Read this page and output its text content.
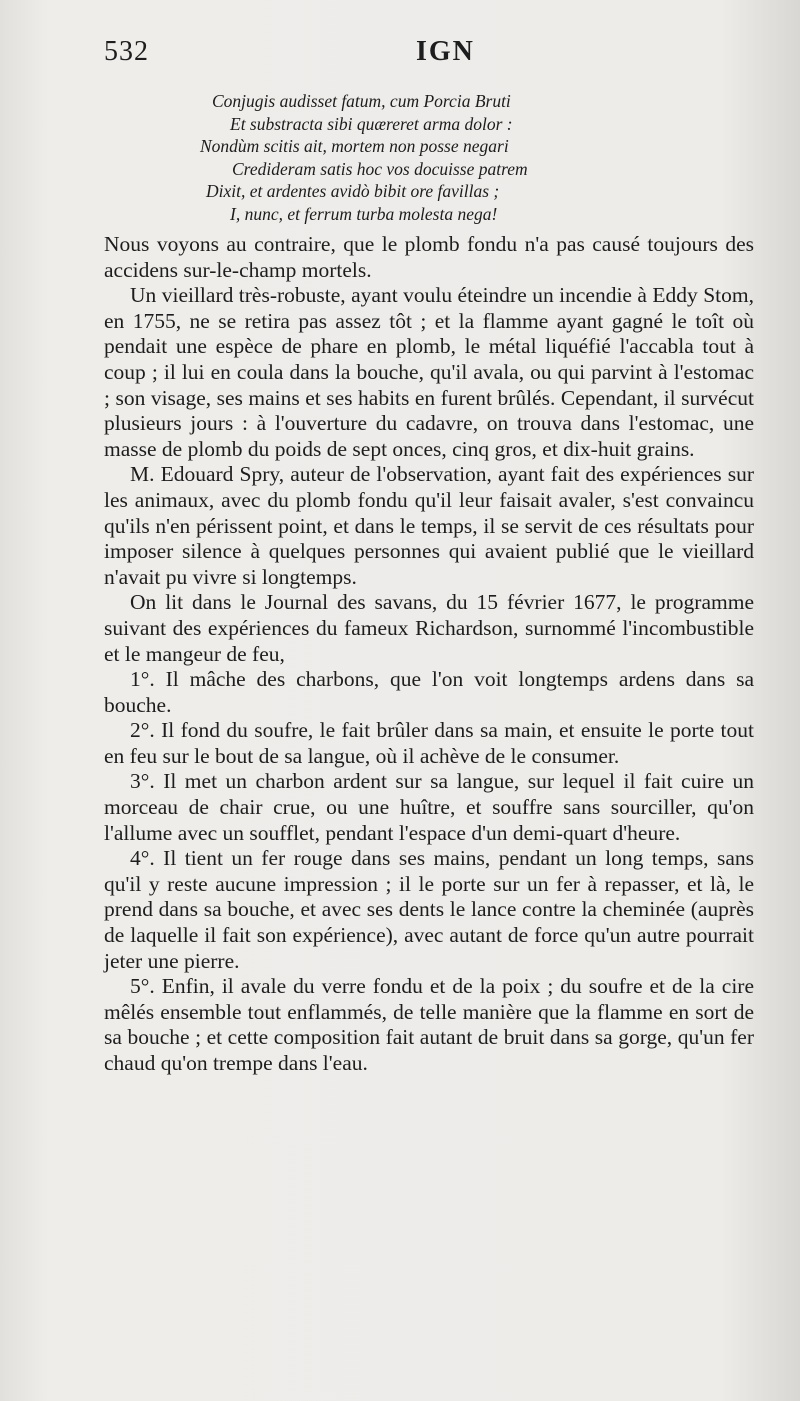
532	IGN
Conjugis audisset fatum, cum Porcia Bruti
Et substracta sibi quæreret arma dolor :
Nondùm scitis ait, mortem non posse negari
Credideram satis hoc vos docuisse patrem
Dixit, et ardentes avidò bibit ore favillas ;
I, nunc, et ferrum turba molesta nega!

Nous voyons au contraire, que le plomb fondu n'a pas causé toujours des accidens sur-le-champ mortels.

Un vieillard très-robuste, ayant voulu éteindre un incendie à Eddy Stom, en 1755, ne se retira pas assez tôt ; et la flamme ayant gagné le toît où pendait une espèce de phare en plomb, le métal liquéfié l'accabla tout à coup ; il lui en coula dans la bouche, qu'il avala, ou qui parvint à l'estomac ; son visage, ses mains et ses habits en furent brûlés. Cependant, il survécut plusieurs jours : à l'ouverture du cadavre, on trouva dans l'estomac, une masse de plomb du poids de sept onces, cinq gros, et dix-huit grains.

M. Edouard Spry, auteur de l'observation, ayant fait des expériences sur les animaux, avec du plomb fondu qu'il leur faisait avaler, s'est convaincu qu'ils n'en périssent point, et dans le temps, il se servit de ces résultats pour imposer silence à quelques personnes qui avaient publié que le vieillard n'avait pu vivre si longtemps.

On lit dans le Journal des savans, du 15 février 1677, le programme suivant des expériences du fameux Richardson, surnommé l'incombustible et le mangeur de feu,

1°. Il mâche des charbons, que l'on voit longtemps ardens dans sa bouche.

2°. Il fond du soufre, le fait brûler dans sa main, et ensuite le porte tout en feu sur le bout de sa langue, où il achève de le consumer.

3°. Il met un charbon ardent sur sa langue, sur lequel il fait cuire un morceau de chair crue, ou une huître, et souffre sans sourciller, qu'on l'allume avec un soufflet, pendant l'espace d'un demi-quart d'heure.

4°. Il tient un fer rouge dans ses mains, pendant un long temps, sans qu'il y reste aucune impression ; il le porte sur un fer à repasser, et là, le prend dans sa bouche, et avec ses dents le lance contre la cheminée (auprès de laquelle il fait son expérience), avec autant de force qu'un autre pourrait jeter une pierre.

5°. Enfin, il avale du verre fondu et de la poix ; du soufre et de la cire mêlés ensemble tout enflammés, de telle manière que la flamme en sort de sa bouche ; et cette composition fait autant de bruit dans sa gorge, qu'un fer chaud qu'on trempe dans l'eau.
